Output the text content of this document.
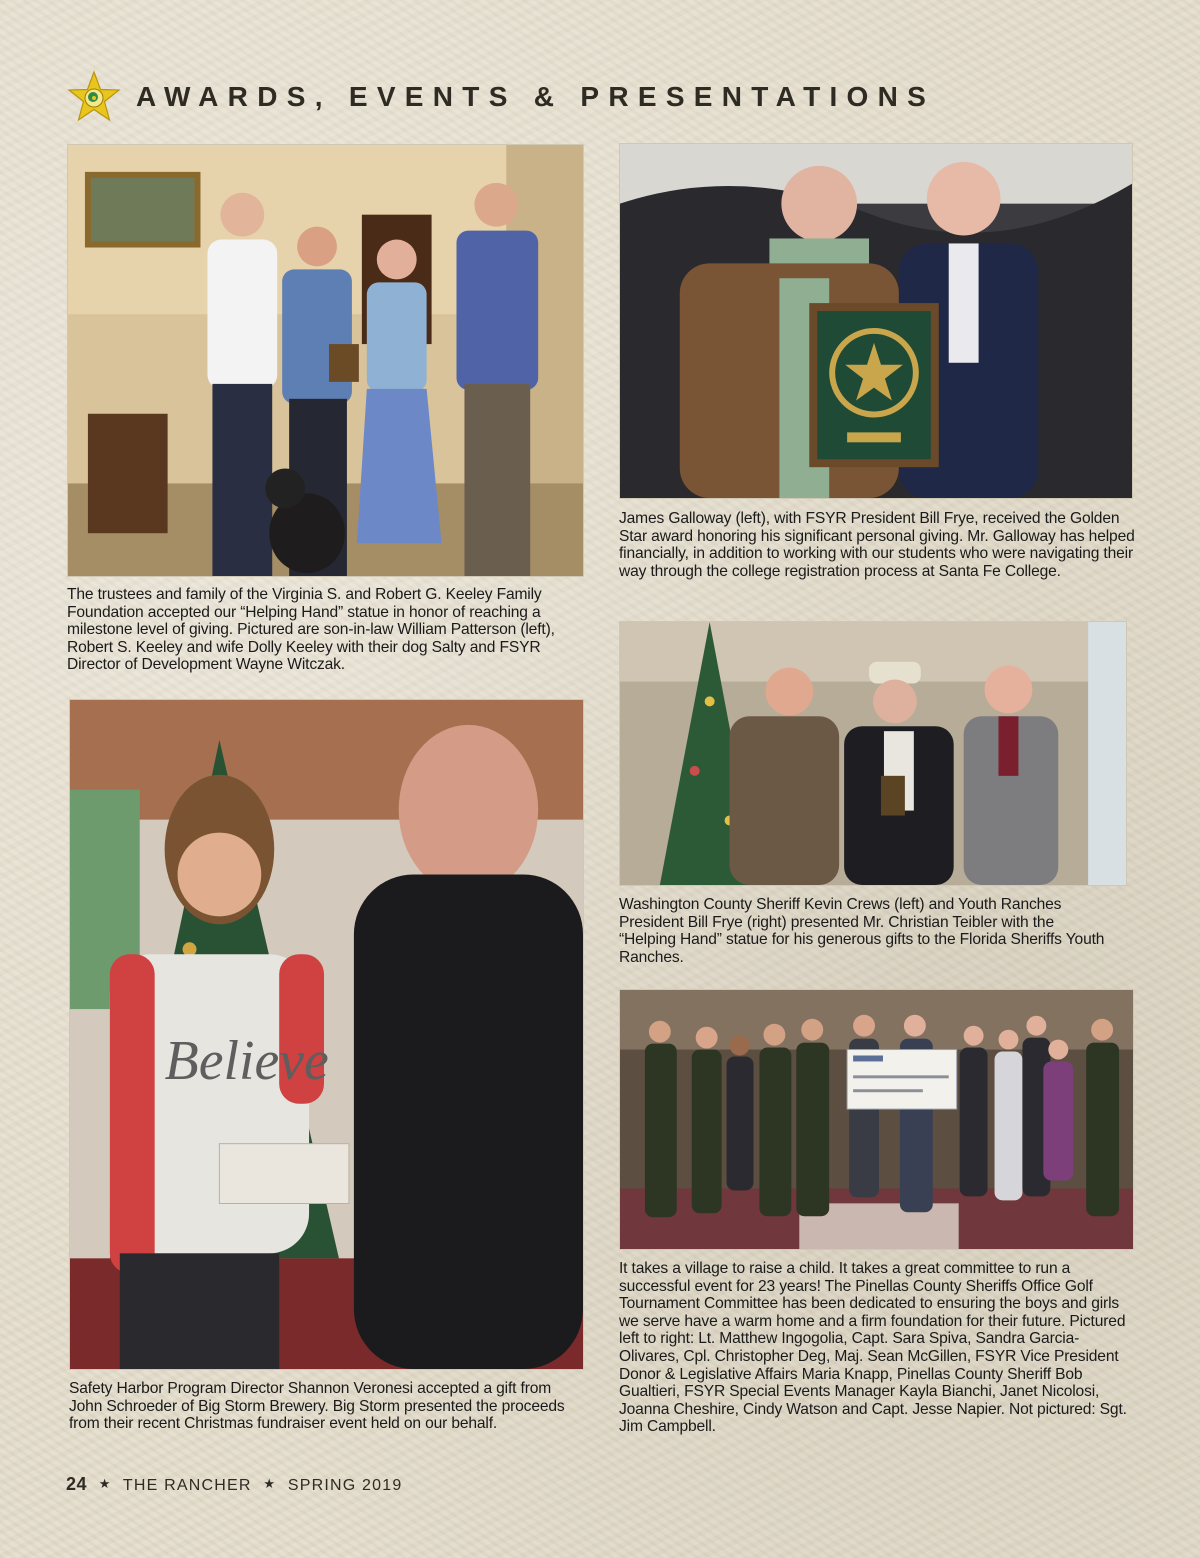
AWARDS, EVENTS & PRESENTATIONS
The trustees and family of the Virginia S. and Robert G. Keeley Family Foundation accepted our “Helping Hand” statue in honor of reaching a milestone level of giving. Pictured are son-in-law William Patterson (left), Robert S. Keeley and wife Dolly Keeley with their dog Salty and FSYR Director of Development Wayne Witczak.
James Galloway (left), with FSYR President Bill Frye, received the Golden Star award honoring his significant personal giving. Mr. Galloway has helped financially, in addition to working with our students who were navigating their way through the college registration process at Santa Fe College.
Washington County Sheriff Kevin Crews (left) and Youth Ranches President Bill Frye (right) presented Mr. Christian Teibler with the “Helping Hand” statue for his generous gifts to the Florida Sheriffs Youth Ranches.
Believe
Safety Harbor Program Director Shannon Veronesi accepted a gift from John Schroeder of Big Storm Brewery. Big Storm presented the proceeds from their recent Christmas fundraiser event held on our behalf.
It takes a village to raise a child. It takes a great committee to run a successful event for 23 years! The Pinellas County Sheriffs Office Golf Tournament Committee has been dedicated to ensuring the boys and girls we serve have a warm home and a firm foundation for their future. Pictured left to right: Lt. Matthew Ingogolia, Capt. Sara Spiva, Sandra Garcia-Olivares, Cpl. Christopher Deg, Maj. Sean McGillen, FSYR Vice President Donor & Legislative Affairs Maria Knapp, Pinellas County Sheriff Bob Gualtieri, FSYR Special Events Manager Kayla Bianchi, Janet Nicolosi, Joanna Cheshire, Cindy Watson and Capt. Jesse Napier. Not pictured: Sgt. Jim Campbell.
24 ★ THE RANCHER ★ SPRING 2019
